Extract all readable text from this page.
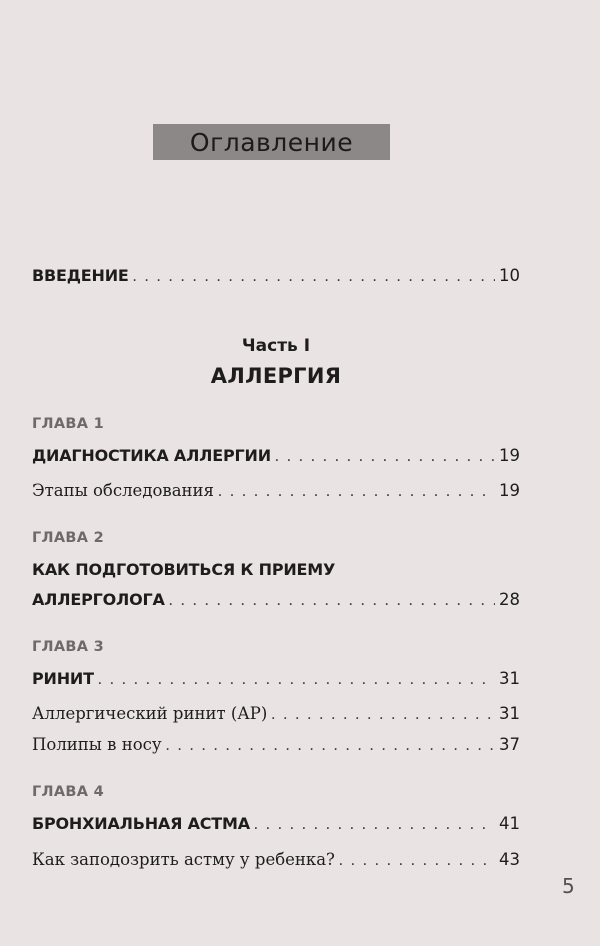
Оглавление
ВВЕДЕНИЕ . . .	10
Часть I
АЛЛЕРГИЯ
ГЛАВА 1
ДИАГНОСТИКА АЛЛЕРГИИ . . .	19
Этапы обследования . . .	19
ГЛАВА 2
КАК ПОДГОТОВИТЬСЯ К ПРИЕМУ
АЛЛЕРГОЛОГА . . .	28
ГЛАВА 3
РИНИТ . . .	31
Аллергический ринит (АР) . . .	31
Полипы в носу . . .	37
ГЛАВА 4
БРОНХИАЛЬНАЯ АСТМА . . .	41
Как заподозрить астму у ребенка? . . .	43
5
